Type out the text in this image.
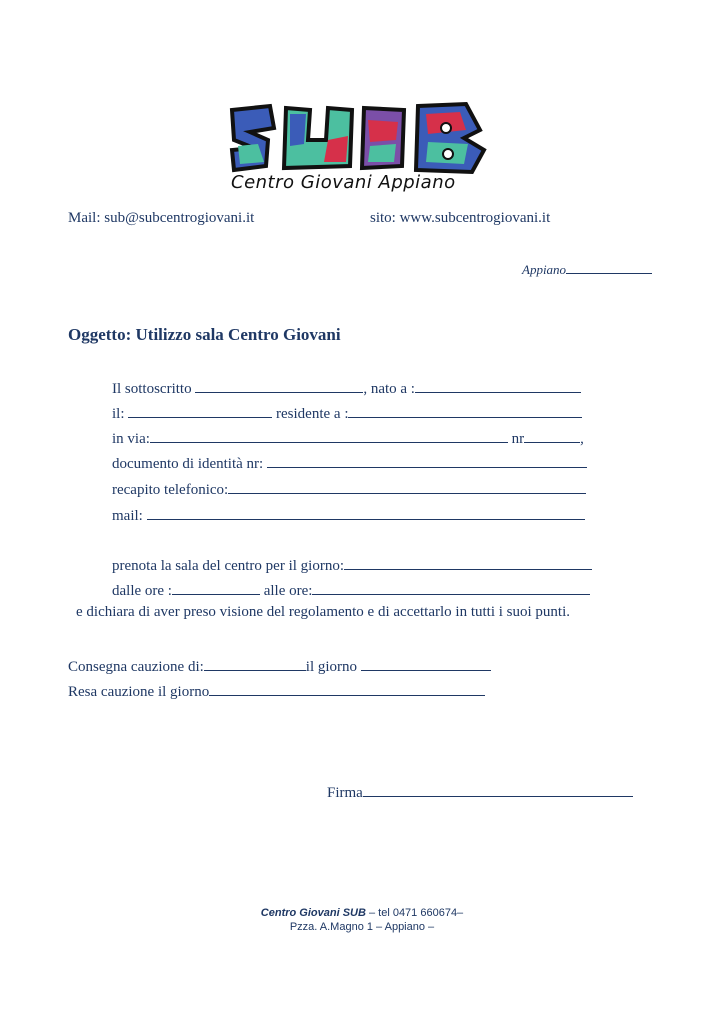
Centro Giovani Appiano
Mail: sub@subcentrogiovani.it	sito: www.subcentrogiovani.it
Appiano
Oggetto: Utilizzo sala Centro Giovani
Il sottoscritto	, nato a :
il:	residente a :
in via:	nr	,
documento di identità nr:
recapito telefonico:
mail:
prenota la sala del centro per il giorno:
dalle ore :	alle ore:
e dichiara di aver preso visione del regolamento e di accettarlo in tutti i suoi punti.
Consegna cauzione di:	il giorno
Resa cauzione il giorno
Firma
Centro Giovani SUB – tel 0471 660674–
Pzza. A.Magno 1 – Appiano –
